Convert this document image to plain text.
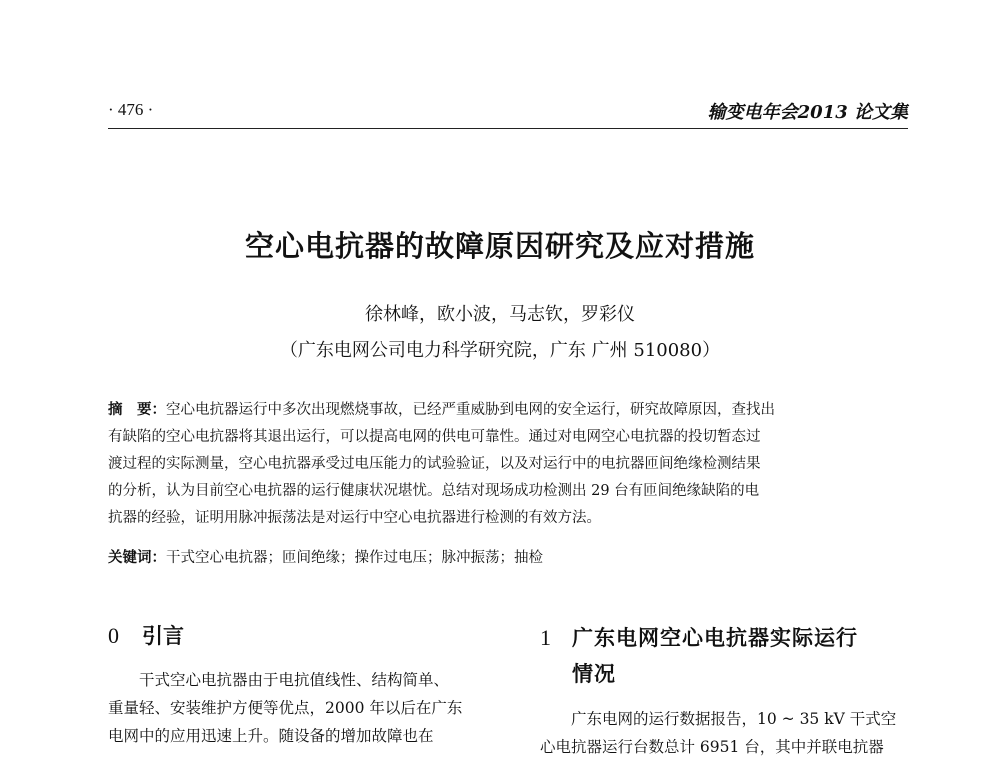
· 476 ·	输变电年会2013 论文集
空心电抗器的故障原因研究及应对措施
徐林峰，欧小波，马志钦，罗彩仪
（广东电网公司电力科学研究院，广东 广州 510080）
摘　要：空心电抗器运行中多次出现燃烧事故，已经严重威胁到电网的安全运行，研究故障原因，查找出
有缺陷的空心电抗器将其退出运行，可以提高电网的供电可靠性。通过对电网空心电抗器的投切暂态过
渡过程的实际测量，空心电抗器承受过电压能力的试验验证，以及对运行中的电抗器匝间绝缘检测结果
的分析，认为目前空心电抗器的运行健康状况堪忧。总结对现场成功检测出 29 台有匝间绝缘缺陷的电
抗器的经验，证明用脉冲振荡法是对运行中空心电抗器进行检测的有效方法。
关键词：干式空心电抗器；匝间绝缘；操作过电压；脉冲振荡；抽检
0 引言
干式空心电抗器由于电抗值线性、结构简单、
重量轻、安装维护方便等优点，2000 年以后在广东
电网中的应用迅速上升。随设备的增加故障也在
1 广东电网空心电抗器实际运行
情况
广东电网的运行数据报告，10 ~ 35 kV 干式空
心电抗器运行台数总计 6951 台，其中并联电抗器
